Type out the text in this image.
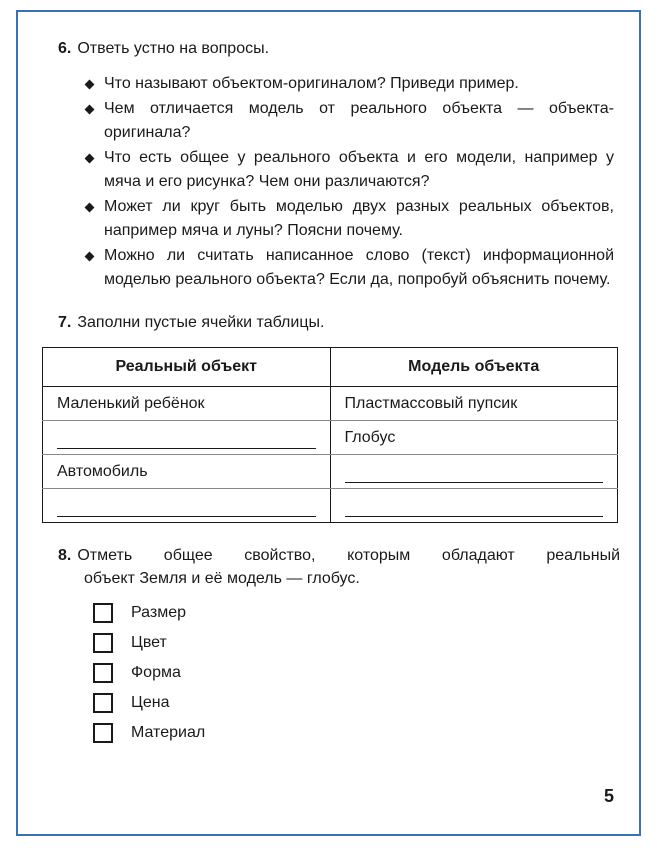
6. Ответь устно на вопросы.
Что называют объектом-оригиналом? Приведи пример.
Чем отличается модель от реального объекта — объекта-оригинала?
Что есть общее у реального объекта и его модели, например у мяча и его рисунка? Чем они различаются?
Может ли круг быть моделью двух разных реальных объектов, например мяча и луны? Поясни почему.
Можно ли считать написанное слово (текст) информационной моделью реального объекта? Если да, попробуй объяснить почему.
7. Заполни пустые ячейки таблицы.
Реальный объект	Модель объекта
Маленький ребёнок	Пластмассовый пупсик

	Глобус
Автомобиль	

8. Отметь общее свойство, которым обладают реальный
объект Земля и её модель — глобус.
Размер
Цвет
Форма
Цена
Материал
5
